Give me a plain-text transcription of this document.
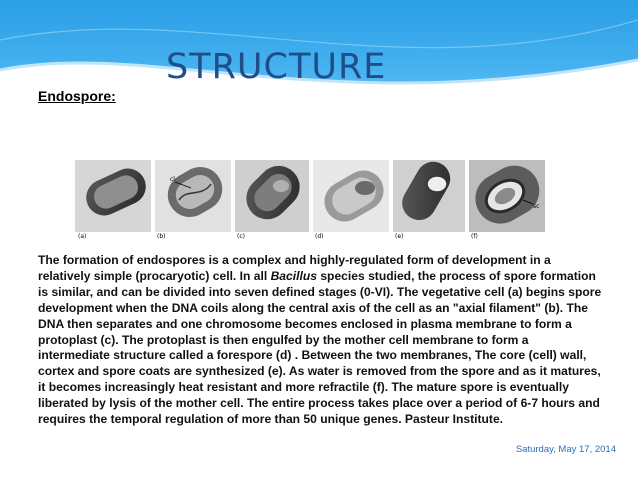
STRUCTURE
Endospore:
(a)
cl
(b)	(c)	(d)	(e)
sc
(f)

The formation of endospores is a complex and highly-regulated form of development in a relatively simple (procaryotic) cell. In all Bacillus species studied, the process of spore formation is similar, and can be divided into seven defined stages (0-VI). The vegetative cell (a) begins spore development when the DNA coils along the central axis of the cell as an "axial filament" (b). The DNA then separates and one chromosome becomes enclosed in plasma membrane to form a protoplast (c). The protoplast is then engulfed by the mother cell membrane to form a intermediate structure called a forespore (d) . Between the two membranes, The core (cell) wall, cortex and spore coats are synthesized (e). As water is removed from the spore and as it matures, it becomes increasingly heat resistant and more refractile (f). The mature spore is eventually liberated by lysis of the mother cell. The entire process takes place over a period of 6-7 hours and requires the temporal regulation of more than 50 unique genes. Pasteur Institute.

Saturday, May 17, 2014
